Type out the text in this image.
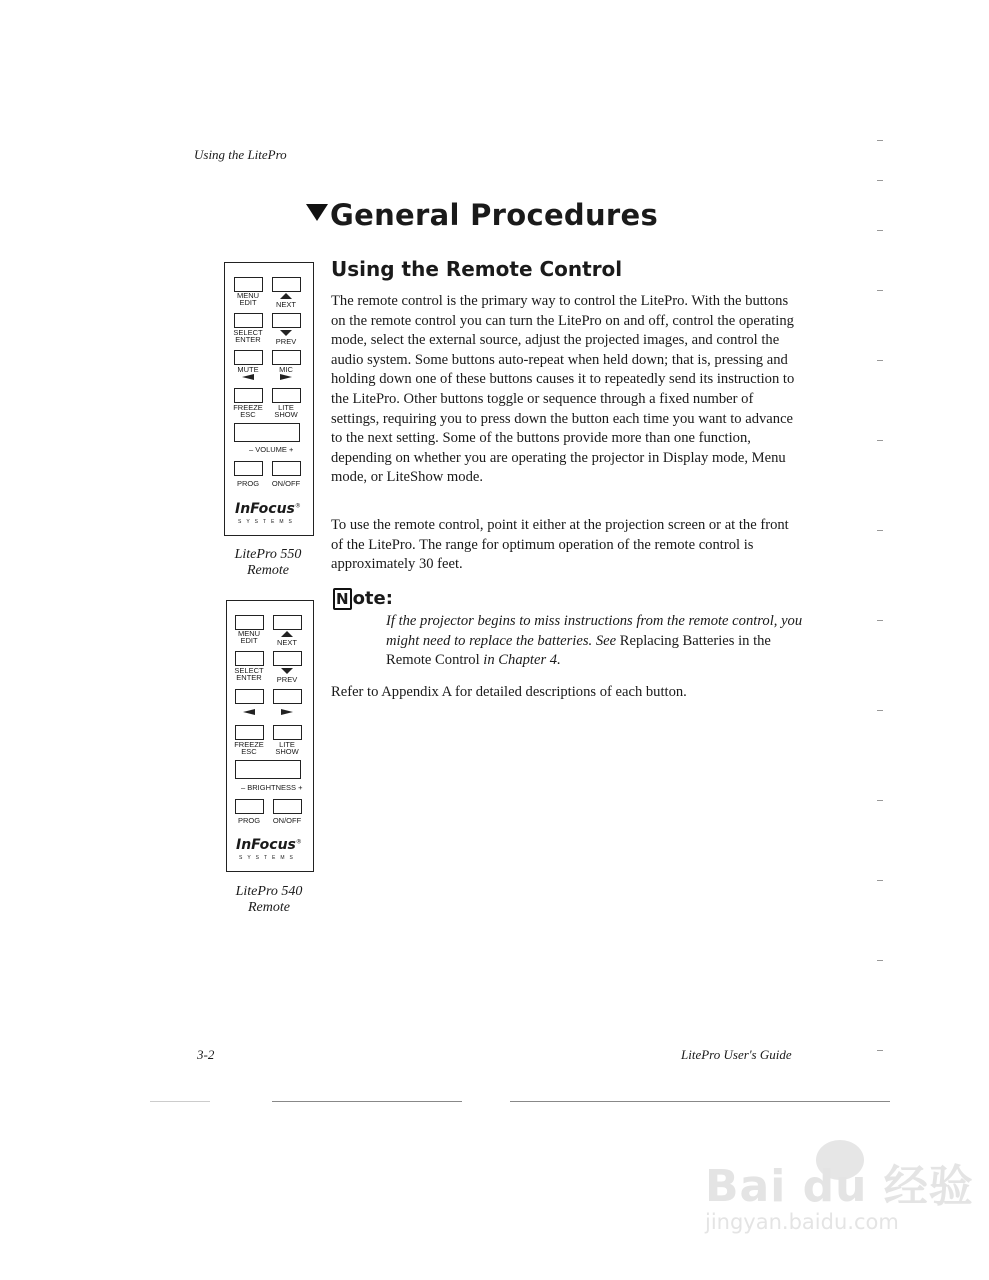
Using the LitePro
General Procedures
Using the Remote Control
The remote control is the primary way to control the LitePro. With the buttons on the remote control you can turn the LitePro on and off, control the operating mode, select the external source, adjust the projected images, and control the audio system. Some buttons auto-repeat when held down; that is, pressing and holding down one of these buttons causes it to repeatedly send its instruction to the LitePro. Other buttons toggle or sequence through a fixed number of settings, requiring you to press down the button each time you want to advance to the next setting. Some of the buttons provide more than one function, depending on whether you are operating the projector in Display mode, Menu mode, or LiteShow mode.
To use the remote control, point it either at the projection screen or at the front of the LitePro. The range for optimum operation of the remote control is approximately 30 feet.
N ote:
If the projector begins to miss instructions from the remote control, you might need to replace the batteries. See Replacing Batteries in the Remote Control in Chapter 4.
Refer to Appendix A for detailed descriptions of each button.
MENU
EDIT	NEXT
SELECT
ENTER	PREV
MUTE	MIC
FREEZE
ESC
LITE
SHOW
– VOLUME +
PROG	ON/OFF
InFocus®
SYSTEMS
LitePro 550
Remote
MENU
EDIT	NEXT
SELECT
ENTER	PREV
FREEZE
ESC
LITE
SHOW
– BRIGHTNESS +
PROG	ON/OFF
InFocus®
SYSTEMS
LitePro 540
Remote
3-2	LitePro User's Guide
Bai du 经验
jingyan.baidu.com
